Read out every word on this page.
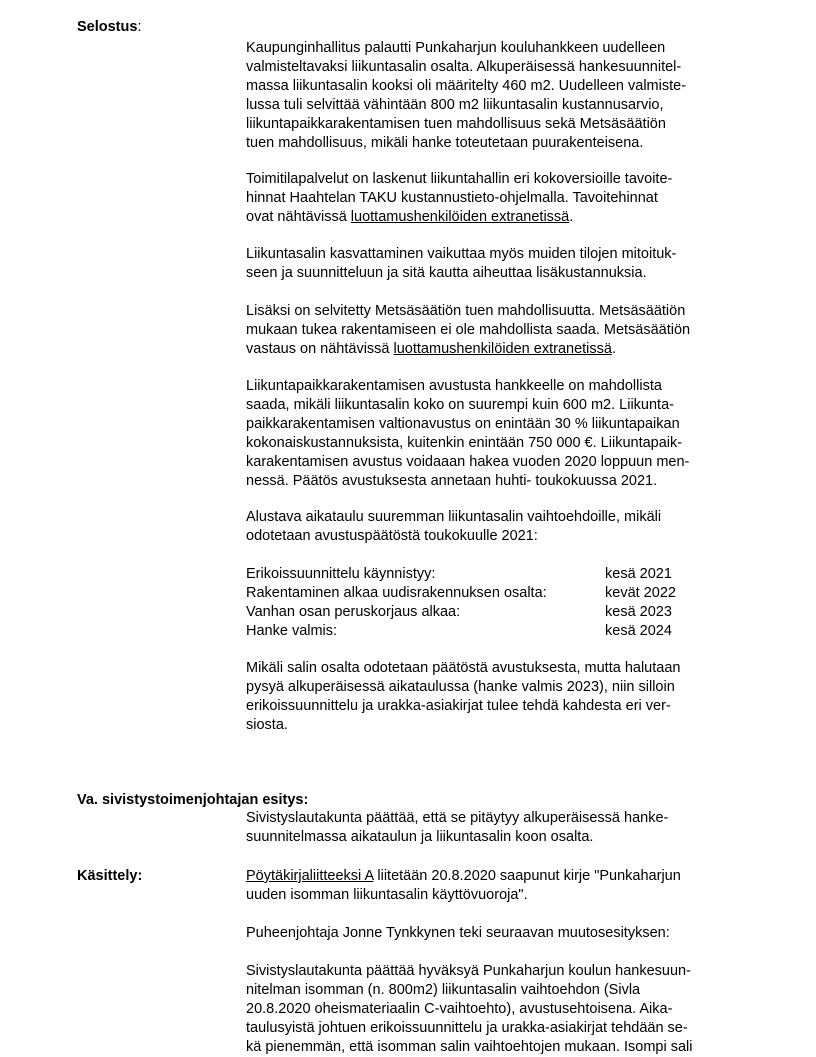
Selostus:
Kaupunginhallitus palautti Punkaharjun kouluhankkeen uudelleen
valmisteltavaksi liikuntasalin osalta. Alkuperäisessä hankesuunnitel-
massa liikuntasalin kooksi oli määritelty 460 m2. Uudelleen valmiste-
lussa tuli selvittää vähintään 800 m2 liikuntasalin kustannusarvio,
liikuntapaikkarakentamisen tuen mahdollisuus sekä Metsäsäätiön
tuen mahdollisuus, mikäli hanke toteutetaan puurakenteisena.
Toimitilapalvelut on laskenut liikuntahallin eri kokoversioille tavoite-
hinnat Haahtelan TAKU kustannustieto-ohjelmalla. Tavoitehinnat
ovat nähtävissä luottamushenkilöiden extranetissä.
Liikuntasalin kasvattaminen vaikuttaa myös muiden tilojen mitoituk-
seen ja suunnitteluun ja sitä kautta aiheuttaa lisäkustannuksia.
Lisäksi on selvitetty Metsäsäätiön tuen mahdollisuutta. Metsäsäätiön
mukaan tukea rakentamiseen ei ole mahdollista saada. Metsäsäätiön
vastaus on nähtävissä luottamushenkilöiden extranetissä.
Liikuntapaikkarakentamisen avustusta hankkeelle on mahdollista
saada, mikäli liikuntasalin koko on suurempi kuin 600 m2. Liikunta-
paikkarakentamisen valtionavustus on enintään 30 % liikuntapaikan
kokonaiskustannuksista, kuitenkin enintään 750 000 €. Liikuntapaik-
karakentamisen avustus voidaaan hakea vuoden 2020 loppuun men-
nessä. Päätös avustuksesta annetaan huhti- toukokuussa 2021.
Alustava aikataulu suuremman liikuntasalin vaihtoehdoille, mikäli
odotetaan avustuspäätöstä toukokuulle 2021:
Erikoissuunnittelu käynnistyy:	kesä 2021
Rakentaminen alkaa uudisrakennuksen osalta:	kevät 2022
Vanhan osan peruskorjaus alkaa:	kesä 2023
Hanke valmis:	kesä 2024
Mikäli salin osalta odotetaan päätöstä avustuksesta, mutta halutaan
pysyä alkuperäisessä aikataulussa (hanke valmis 2023), niin silloin
erikoissuunnittelu ja urakka-asiakirjat tulee tehdä kahdesta eri ver-
siosta.
Va. sivistystoimenjohtajan esitys:
Sivistyslautakunta päättää, että se pitäytyy alkuperäisessä hanke-
suunnitelmassa aikataulun ja liikuntasalin koon osalta.
Käsittely:	Pöytäkirjaliitteeksi A liitetään 20.8.2020 saapunut kirje "Punkaharjun
uuden isomman liikuntasalin käyttövuoroja".
Puheenjohtaja Jonne Tynkkynen teki seuraavan muutosesityksen:
Sivistyslautakunta päättää hyväksyä Punkaharjun koulun hankesuun-
nitelman isomman (n. 800m2) liikuntasalin vaihtoehdon (Sivla
20.8.2020 oheismateriaalin C-vaihtoehto), avustusehtoisena. Aika-
taulusyistä johtuen erikoissuunnittelu ja urakka-asiakirjat tehdään se-
kä pienemmän, että isomman salin vaihtoehtojen mukaan. Isompi sali
